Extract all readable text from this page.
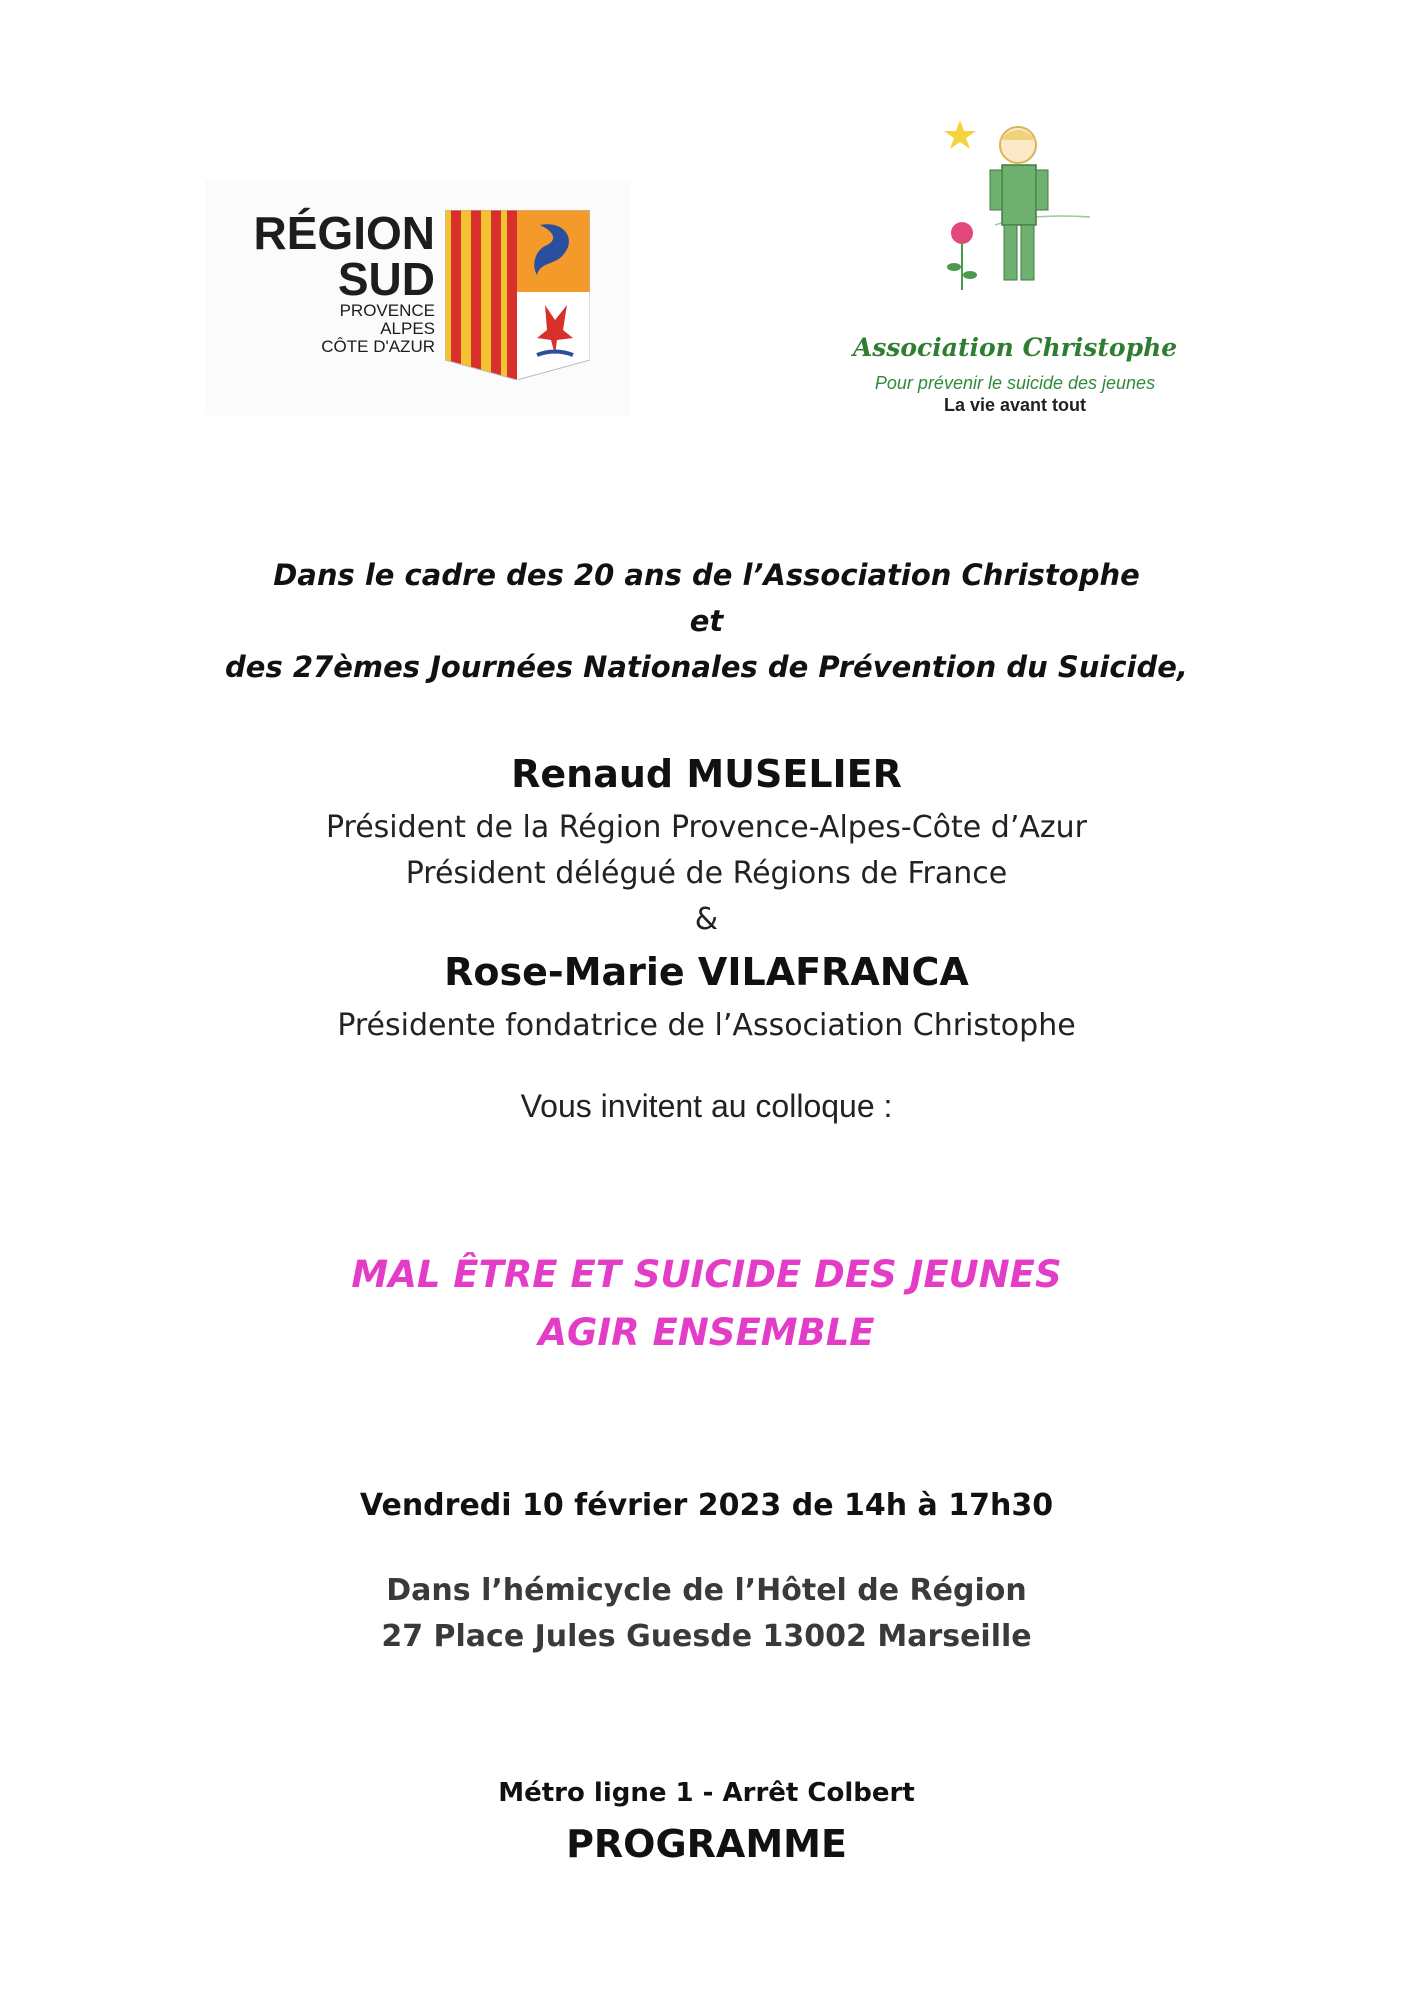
RÉGION
SUD
PROVENCE
ALPES
CÔTE D'AZUR	Association Christophe
Pour prévenir le suicide des jeunes
La vie avant tout
Dans le cadre des 20 ans de l’Association Christophe
et
des 27èmes Journées Nationales de Prévention du Suicide,
Renaud MUSELIER
Président de la Région Provence-Alpes-Côte d’Azur
Président délégué de Régions de France
&
Rose-Marie VILAFRANCA
Présidente fondatrice de l’Association Christophe
Vous invitent au colloque :
MAL ÊTRE ET SUICIDE DES JEUNES
AGIR ENSEMBLE
Vendredi 10 février 2023 de 14h à 17h30
Dans l’hémicycle de l’Hôtel de Région
27 Place Jules Guesde 13002 Marseille
Métro ligne 1 - Arrêt Colbert
PROGRAMME
